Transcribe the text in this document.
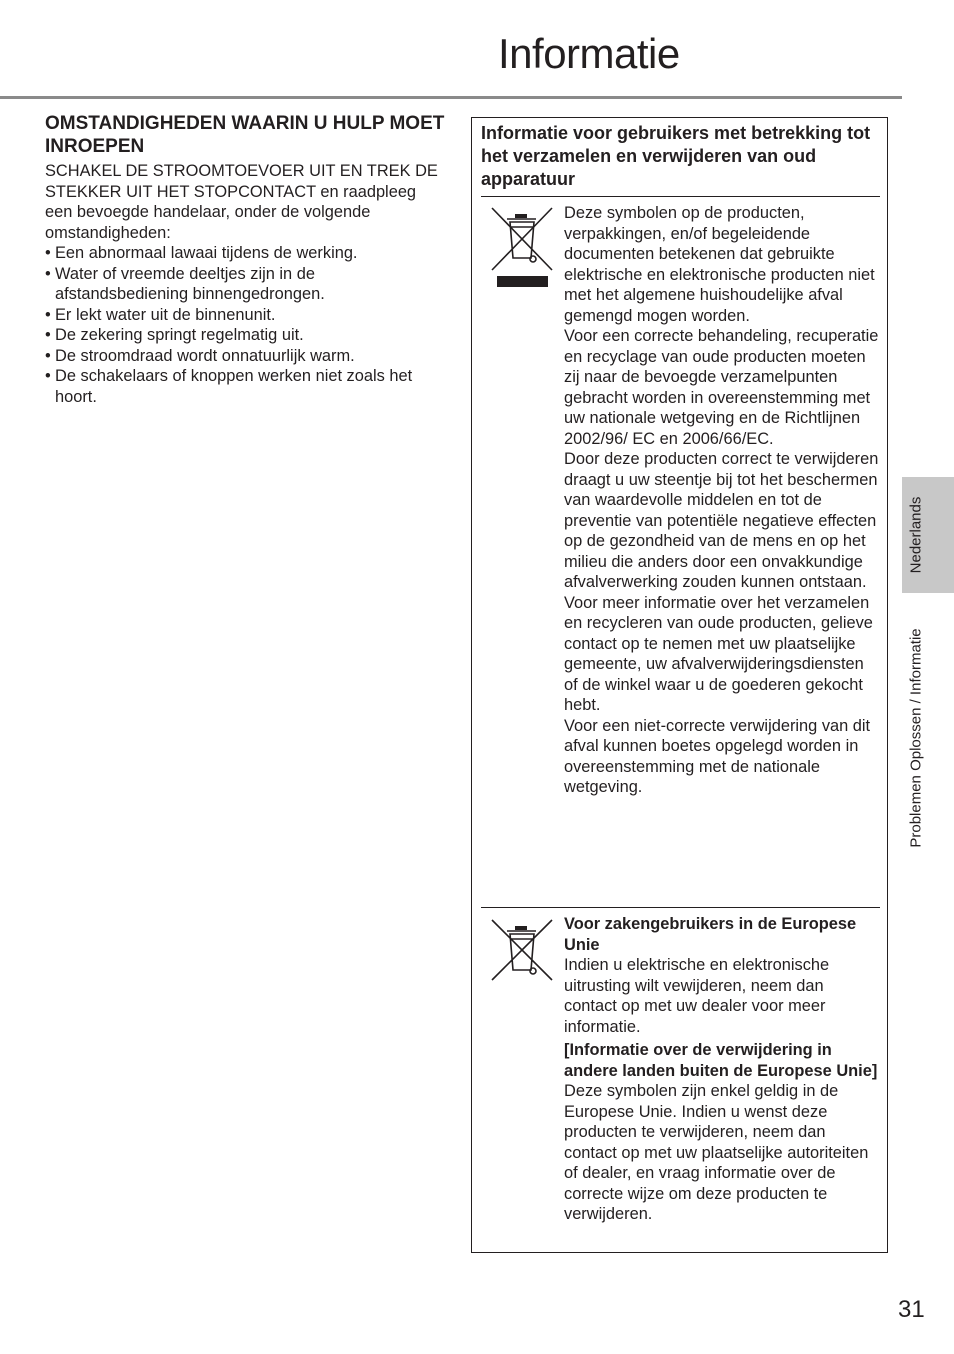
Informatie
OMSTANDIGHEDEN WAARIN U HULP MOET INROEPEN

SCHAKEL DE STROOMTOEVOER UIT EN TREK DE STEKKER UIT HET STOPCONTACT en raadpleeg een bevoegde handelaar, onder de volgende omstandigheden:

• Een abnormaal lawaai tijdens de werking.
• Water of vreemde deeltjes zijn in de afstandsbediening binnengedrongen.
• Er lekt water uit de binnenunit.
• De zekering springt regelmatig uit.
• De stroomdraad wordt onnatuurlijk warm.
• De schakelaars of knoppen werken niet zoals het hoort.
Informatie voor gebruikers met betrekking tot het verzamelen en verwijderen van oud apparatuur

Deze symbolen op de producten, verpakkingen, en/of begeleidende documenten betekenen dat gebruikte elektrische en elektronische producten niet met het algemene huishoudelijke afval gemengd mogen worden.

Voor een correcte behandeling, recuperatie en recyclage van oude producten moeten zij naar de bevoegde verzamelpunten gebracht worden in overeenstemming met uw nationale wetgeving en de Richtlijnen 2002/96/ EC en 2006/66/EC.

Door deze producten correct te verwijderen draagt u uw steentje bij tot het beschermen van waardevolle middelen en tot de preventie van potentiële negatieve effecten op de gezondheid van de mens en op het milieu die anders door een onvakkundige afvalverwerking zouden kunnen ontstaan.

Voor meer informatie over het verzamelen en recycleren van oude producten, gelieve contact op te nemen met uw plaatselijke gemeente, uw afvalverwijderingsdiensten of de winkel waar u de goederen gekocht hebt.

Voor een niet-correcte verwijdering van dit afval kunnen boetes opgelegd worden in overeenstemming met de nationale wetgeving.

Voor zakengebruikers in de Europese Unie

Indien u elektrische en elektronische uitrusting wilt vewijderen, neem dan contact op met uw dealer voor meer informatie.

[Informatie over de verwijdering in andere landen buiten de Europese Unie]

Deze symbolen zijn enkel geldig in de Europese Unie. Indien u wenst deze producten te verwijderen, neem dan contact op met uw plaatselijke autoriteiten of dealer, en vraag informatie over de correcte wijze om deze producten te verwijderen.

Nederlands
Problemen Oplossen / Informatie
31
